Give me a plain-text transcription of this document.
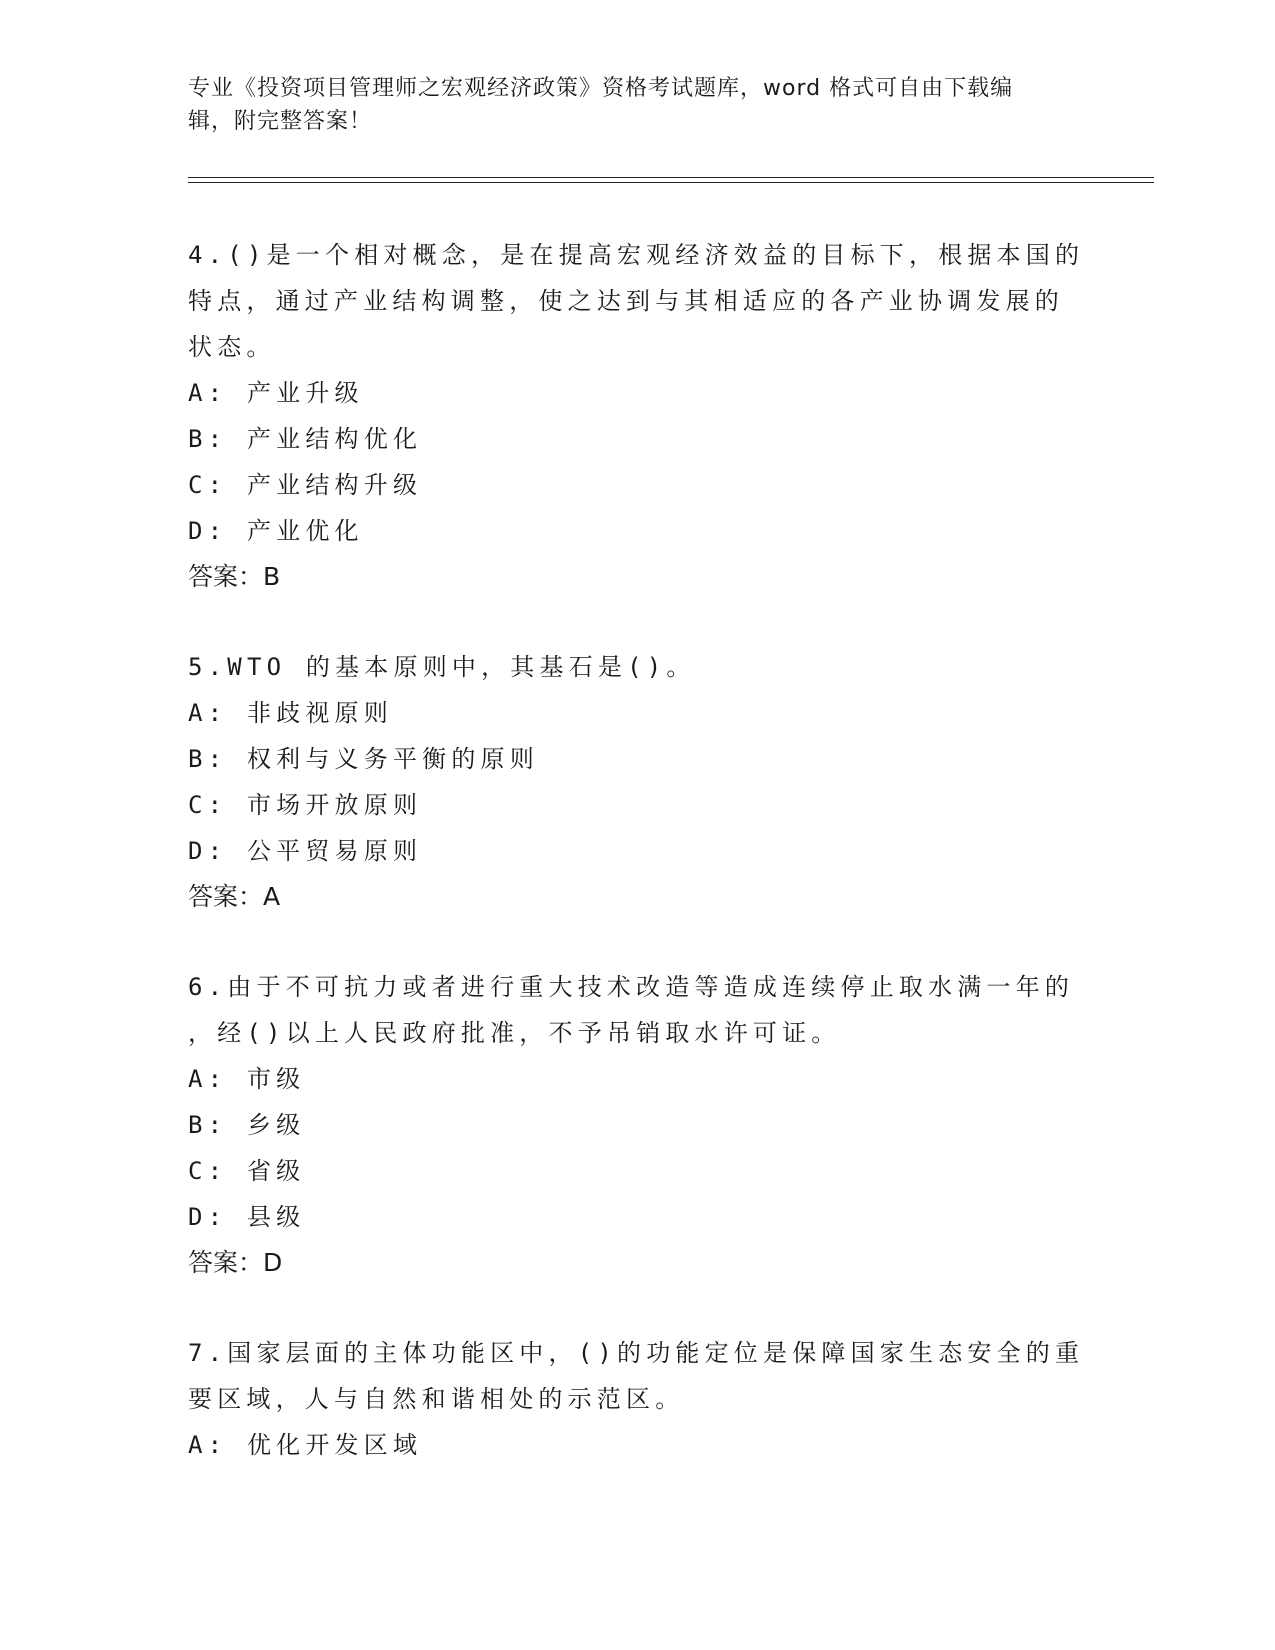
专业《投资项目管理师之宏观经济政策》资格考试题库，word 格式可自由下载编
辑，附完整答案！

4.()是一个相对概念，是在提高宏观经济效益的目标下，根据本国的

特点，通过产业结构调整，使之达到与其相适应的各产业协调发展的

状态。

A: 产业升级

B: 产业结构优化

C: 产业结构升级

D: 产业优化

答案：B

5.WTO 的基本原则中，其基石是()。

A: 非歧视原则

B: 权利与义务平衡的原则

C: 市场开放原则

D: 公平贸易原则

答案：A

6.由于不可抗力或者进行重大技术改造等造成连续停止取水满一年的

，经()以上人民政府批准，不予吊销取水许可证。

A: 市级

B: 乡级

C: 省级

D: 县级

答案：D

7.国家层面的主体功能区中，()的功能定位是保障国家生态安全的重

要区域，人与自然和谐相处的示范区。

A: 优化开发区域
